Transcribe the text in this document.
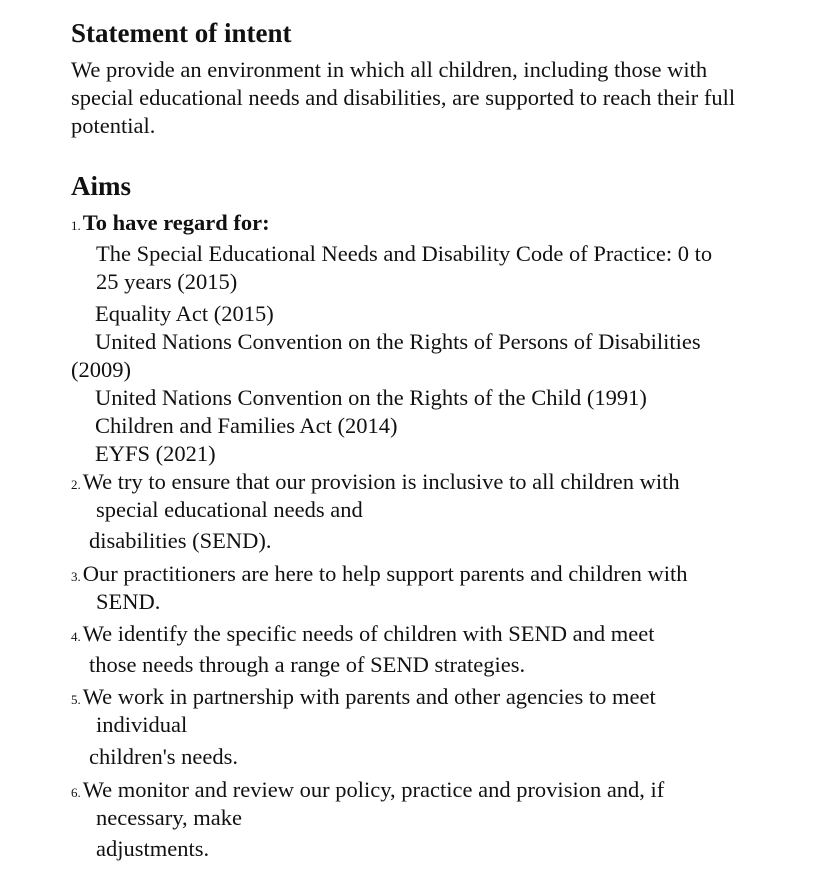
Statement of intent
We provide an environment in which all children, including those with
special educational needs and disabilities, are supported to reach their full
potential.
Aims
1.To have regard for:
The Special Educational Needs and Disability Code of Practice: 0 to
25 years (2015)
Equality Act (2015)
United Nations Convention on the Rights of Persons of Disabilities
(2009)
United Nations Convention on the Rights of the Child (1991)
Children and Families Act (2014)
EYFS (2021)
2.We try to ensure that our provision is inclusive to all children with
special educational needs and
disabilities (SEND).
3.Our practitioners are here to help support parents and children with
SEND.
4.We identify the specific needs of children with SEND and meet
those needs through a range of SEND strategies.
5.We work in partnership with parents and other agencies to meet
individual
children's needs.
6.We monitor and review our policy, practice and provision and, if
necessary, make
adjustments.
